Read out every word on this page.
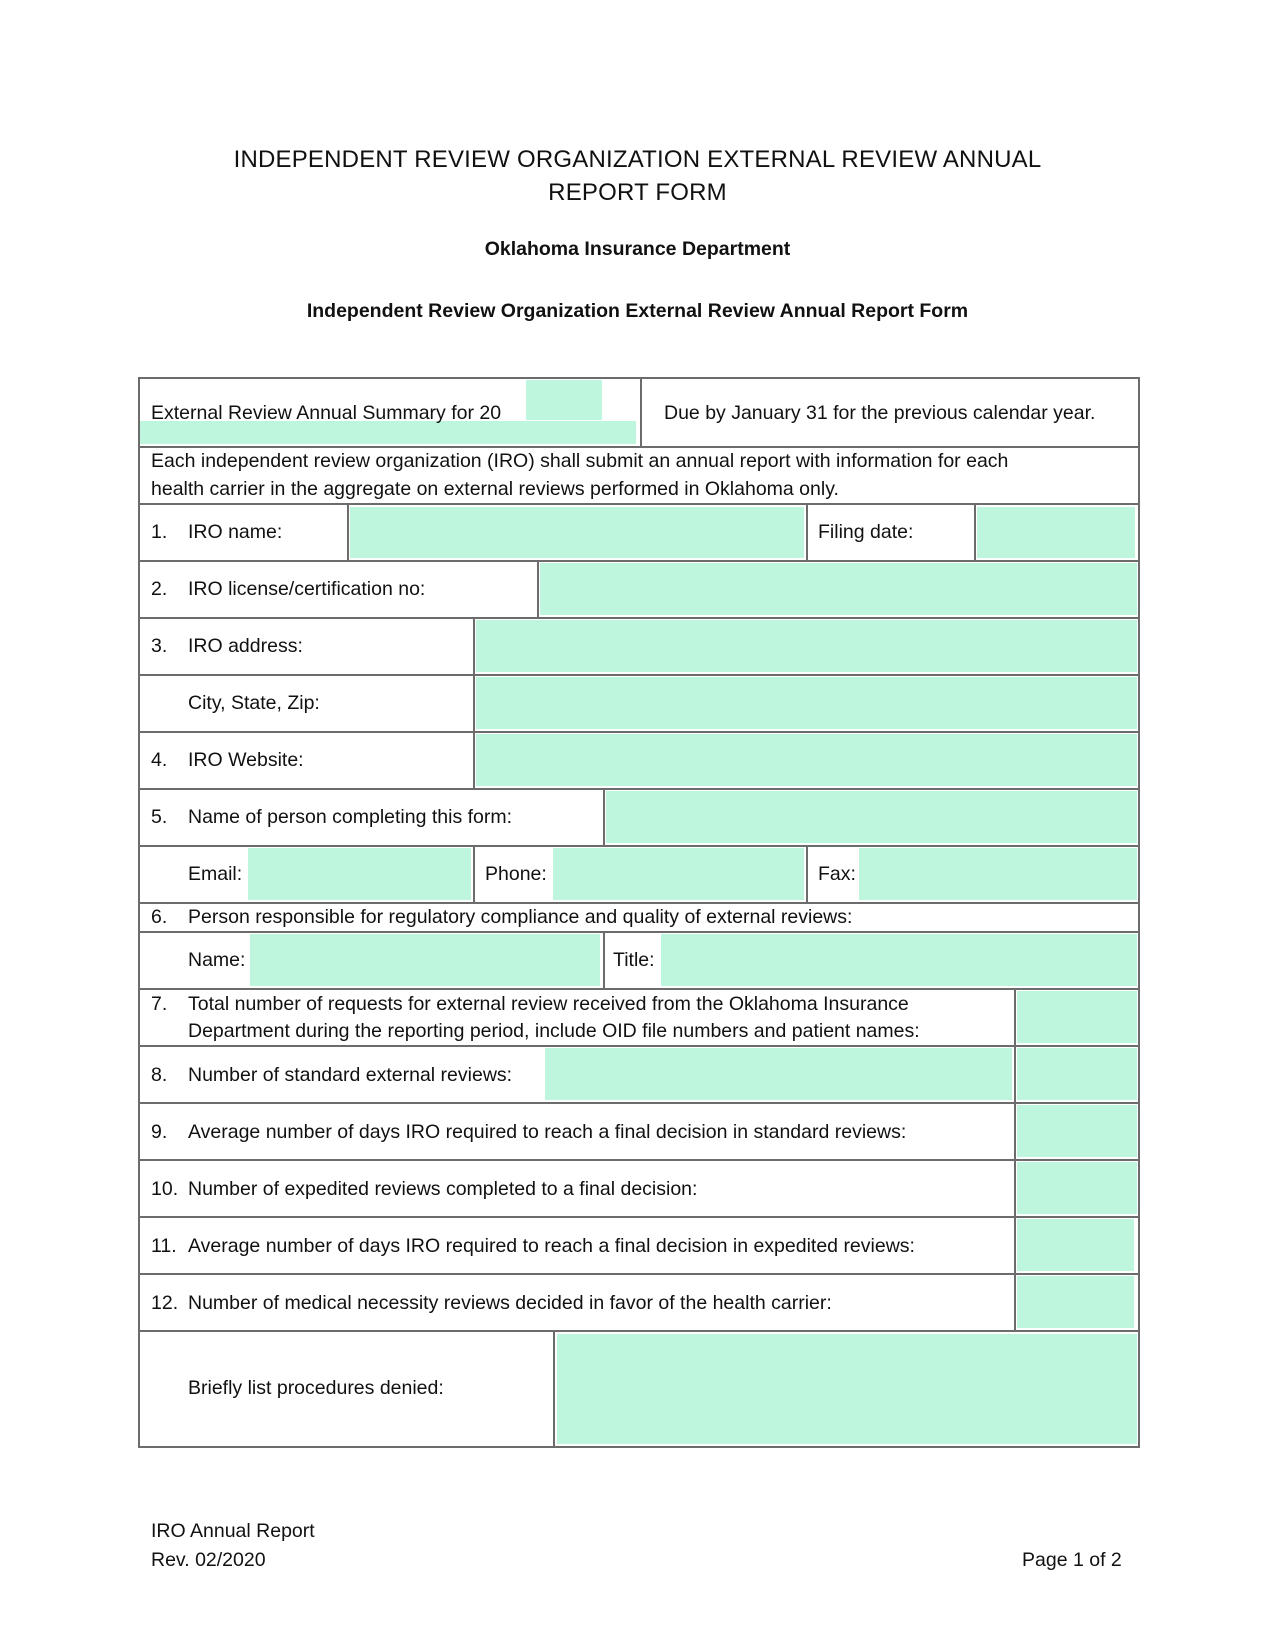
INDEPENDENT REVIEW ORGANIZATION EXTERNAL REVIEW ANNUAL
REPORT FORM
Oklahoma Insurance Department
Independent Review Organization External Review Annual Report Form
External Review Annual Summary for 20	Due by January 31 for the previous calendar year.
Each independent review organization (IRO) shall submit an annual report with information for each
health carrier in the aggregate on external reviews performed in Oklahoma only.
1. IRO name:	Filing date:
2. IRO license/certification no:
3. IRO address:
City, State, Zip:
4. IRO Website:
5. Name of person completing this form:
Email:	Phone:	Fax:
6. Person responsible for regulatory compliance and quality of external reviews:
Name:	Title:
7. Total number of requests for external review received from the Oklahoma Insurance
Department during the reporting period, include OID file numbers and patient names:
8. Number of standard external reviews:
9. Average number of days IRO required to reach a final decision in standard reviews:
10. Number of expedited reviews completed to a final decision:
11. Average number of days IRO required to reach a final decision in expedited reviews:
12. Number of medical necessity reviews decided in favor of the health carrier:
Briefly list procedures denied:
IRO Annual Report
Rev. 02/2020	Page 1 of 2
